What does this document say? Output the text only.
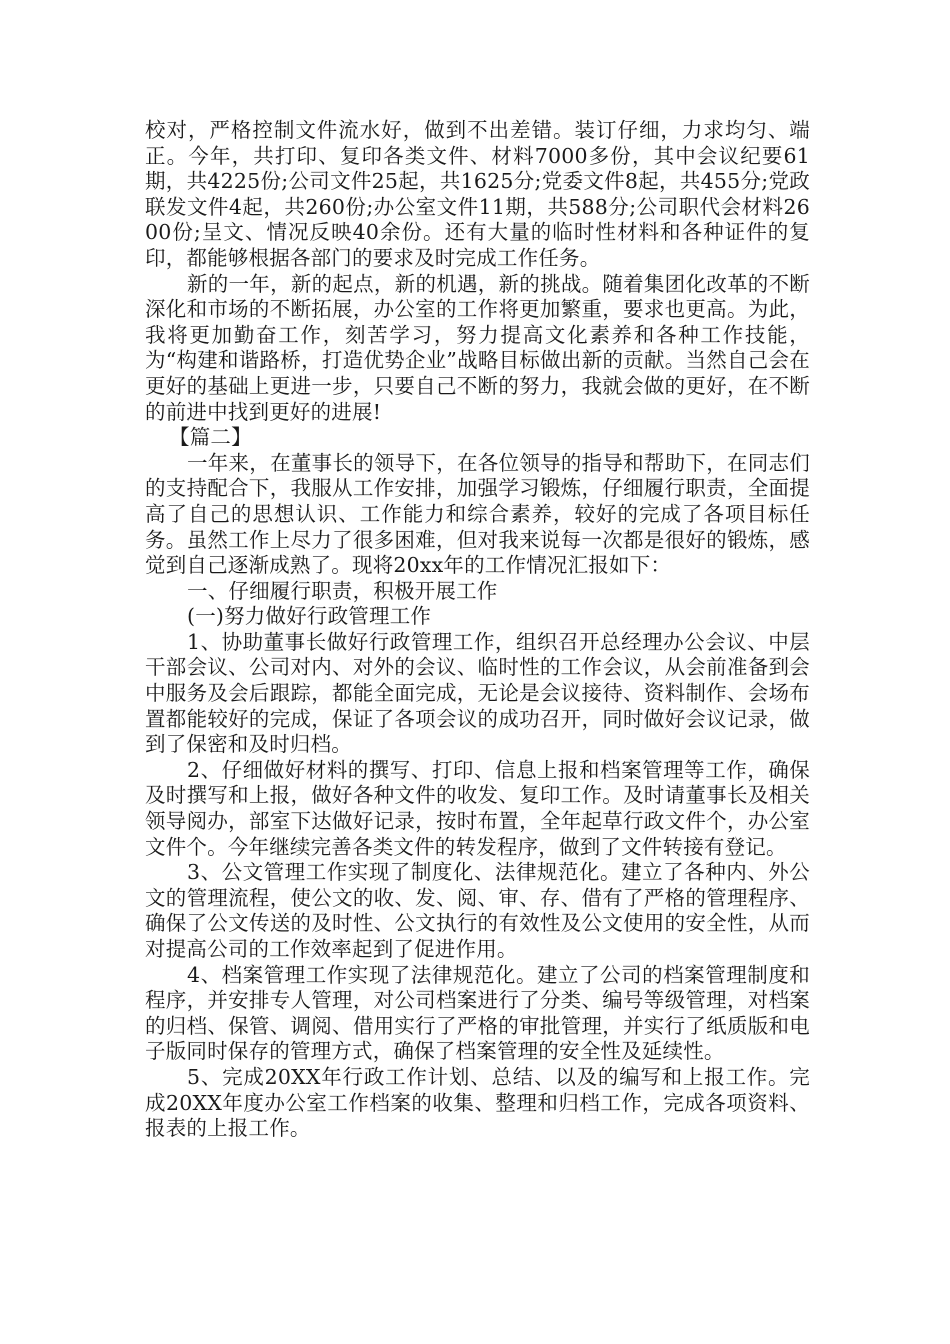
校对，严格控制文件流水好，做到不出差错。装订仔细，力求均匀、端正。今年，共打印、复印各类文件、材料7000多份，其中会议纪要61期，共4225份;公司文件25起，共1625分;党委文件8起，共455分;党政联发文件4起，共260份;办公室文件11期，共588分;公司职代会材料2600份;呈文、情况反映40余份。还有大量的临时性材料和各种证件的复印，都能够根据各部门的要求及时完成工作任务。

新的一年，新的起点，新的机遇，新的挑战。随着集团化改革的不断深化和市场的不断拓展，办公室的工作将更加繁重，要求也更高。为此，我将更加勤奋工作，刻苦学习，努力提高文化素养和各种工作技能，为“构建和谐路桥，打造优势企业”战略目标做出新的贡献。当然自己会在更好的基础上更进一步，只要自己不断的努力，我就会做的更好，在不断的前进中找到更好的进展!

【篇二】

一年来，在董事长的领导下，在各位领导的指导和帮助下，在同志们的支持配合下，我服从工作安排，加强学习锻炼，仔细履行职责，全面提高了自己的思想认识、工作能力和综合素养，较好的完成了各项目标任务。虽然工作上尽力了很多困难，但对我来说每一次都是很好的锻炼，感觉到自己逐渐成熟了。现将20xx年的工作情况汇报如下：

一、仔细履行职责，积极开展工作

(一)努力做好行政管理工作

1、协助董事长做好行政管理工作，组织召开总经理办公会议、中层干部会议、公司对内、对外的会议、临时性的工作会议，从会前准备到会中服务及会后跟踪，都能全面完成，无论是会议接待、资料制作、会场布置都能较好的完成，保证了各项会议的成功召开，同时做好会议记录，做到了保密和及时归档。

2、仔细做好材料的撰写、打印、信息上报和档案管理等工作，确保及时撰写和上报，做好各种文件的收发、复印工作。及时请董事长及相关领导阅办，部室下达做好记录，按时布置，全年起草行政文件个，办公室文件个。今年继续完善各类文件的转发程序，做到了文件转接有登记。

3、公文管理工作实现了制度化、法律规范化。建立了各种内、外公文的管理流程，使公文的收、发、阅、审、存、借有了严格的管理程序、确保了公文传送的及时性、公文执行的有效性及公文使用的安全性，从而对提高公司的工作效率起到了促进作用。

4、档案管理工作实现了法律规范化。建立了公司的档案管理制度和程序，并安排专人管理，对公司档案进行了分类、编号等级管理，对档案的归档、保管、调阅、借用实行了严格的审批管理，并实行了纸质版和电子版同时保存的管理方式，确保了档案管理的安全性及延续性。

5、完成20XX年行政工作计划、总结、以及的编写和上报工作。完成20XX年度办公室工作档案的收集、整理和归档工作，完成各项资料、报表的上报工作。
